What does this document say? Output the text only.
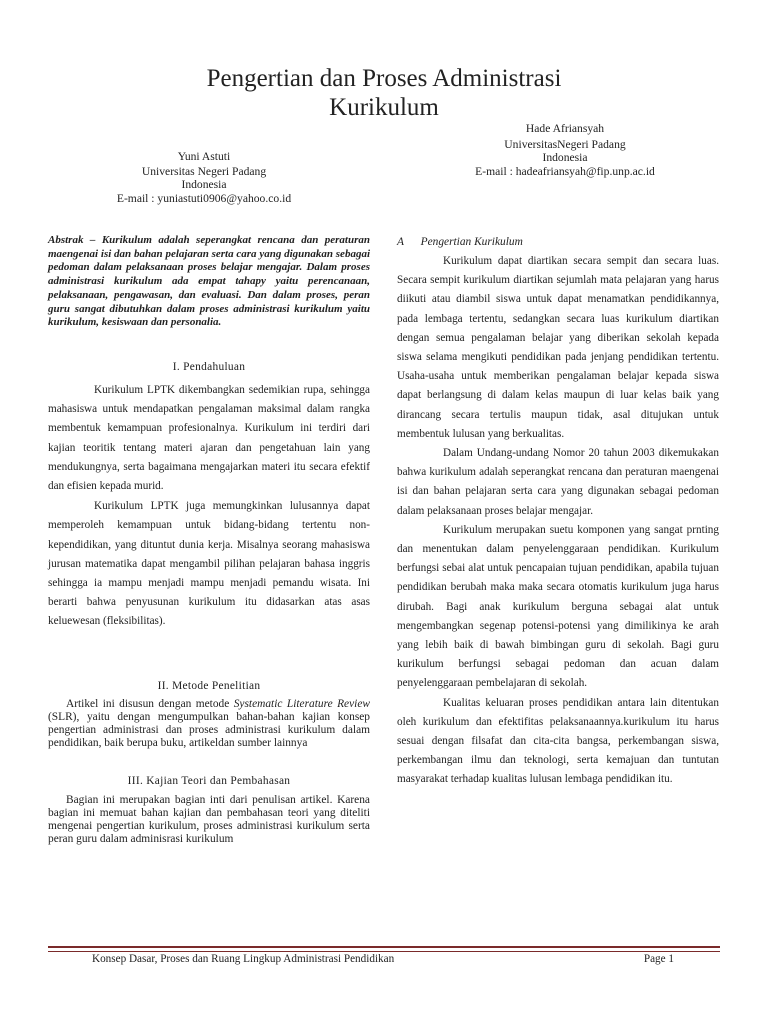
Pengertian dan Proses Administrasi
Kurikulum
Hade Afriansyah
UniversitasNegeri Padang
Indonesia
E-mail : hadeafriansyah@fip.unp.ac.id
Yuni Astuti
Universitas Negeri Padang
Indonesia
E-mail : yuniastuti0906@yahoo.co.id
Abstrak – Kurikulum adalah seperangkat rencana dan peraturan maengenai isi dan bahan pelajaran serta cara yang digunakan sebagai pedoman dalam pelaksanaan proses belajar mengajar. Dalam proses administrasi kurikulum ada empat tahapy yaitu perencanaan, pelaksanaan, pengawasan, dan evaluasi. Dan dalam proses, peran guru sangat dibutuhkan dalam proses administrasi kurikulum yaitu kurikulum, kesiswaan dan personalia.
I. Pendahuluan

Kurikulum LPTK dikembangkan sedemikian rupa, sehingga mahasiswa untuk mendapatkan pengalaman maksimal dalam rangka membentuk kemampuan profesionalnya. Kurikulum ini terdiri dari kajian teoritik tentang materi ajaran dan pengetahuan lain yang mendukungnya, serta bagaimana mengajarkan materi itu secara efektif dan efisien kepada murid.

Kurikulum LPTK juga memungkinkan lulusannya dapat memperoleh kemampuan untuk bidang-bidang tertentu non-kependidikan, yang dituntut dunia kerja. Misalnya seorang mahasiswa jurusan matematika dapat mengambil pilihan pelajaran bahasa inggris sehingga ia mampu menjadi mampu menjadi pemandu wisata. Ini berarti bahwa penyusunan kurikulum itu didasarkan atas asas keluewesan (fleksibilitas).

II. Metode Penelitian
Artikel ini disusun dengan metode Systematic Literature Review (SLR), yaitu dengan mengumpulkan bahan-bahan kajian konsep pengertian administrasi dan proses administrasi kurikulum dalam pendidikan, baik berupa buku, artikeldan sumber lainnya
III. Kajian Teori dan Pembahasan
Bagian ini merupakan bagian inti dari penulisan artikel. Karena bagian ini memuat bahan kajian dan pembahasan teori yang diteliti mengenai pengertian kurikulum, proses administrasi kurikulum serta peran guru dalam adminisrasi kurikulum
A Pengertian Kurikulum

Kurikulum dapat diartikan secara sempit dan secara luas. Secara sempit kurikulum diartikan sejumlah mata pelajaran yang harus diikuti atau diambil siswa untuk dapat menamatkan pendidikannya, pada lembaga tertentu, sedangkan secara luas kurikulum diartikan dengan semua pengalaman belajar yang diberikan sekolah kepada siswa selama mengikuti pendidikan pada jenjang pendidikan tertentu. Usaha-usaha untuk memberikan pengalaman belajar kepada siswa dapat berlangsung di dalam kelas maupun di luar kelas baik yang dirancang secara tertulis maupun tidak, asal ditujukan untuk membentuk lulusan yang berkualitas.

Dalam Undang-undang Nomor 20 tahun 2003 dikemukakan bahwa kurikulum adalah seperangkat rencana dan peraturan maengenai isi dan bahan pelajaran serta cara yang digunakan sebagai pedoman dalam pelaksanaan proses belajar mengajar.

Kurikulum merupakan suetu komponen yang sangat prnting dan menentukan dalam penyelenggaraan pendidikan. Kurikulum berfungsi sebai alat untuk pencapaian tujuan pendidikan, apabila tujuan pendidikan berubah maka maka secara otomatis kurikulum juga harus dirubah. Bagi anak kurikulum berguna sebagai alat untuk mengembangkan segenap potensi-potensi yang dimilikinya ke arah yang lebih baik di bawah bimbingan guru di sekolah. Bagi guru kurikulum berfungsi sebagai pedoman dan acuan dalam penyelenggaraan pembelajaran di sekolah.

Kualitas keluaran proses pendidikan antara lain ditentukan oleh kurikulum dan efektifitas pelaksanaannya.kurikulum itu harus sesuai dengan filsafat dan cita-cita bangsa, perkembangan siswa, perkembangan ilmu dan teknologi, serta kemajuan dan tuntutan masyarakat terhadap kualitas lulusan lembaga pendidikan itu.

Konsep Dasar, Proses dan Ruang Lingkup Administrasi Pendidikan	Page 1
